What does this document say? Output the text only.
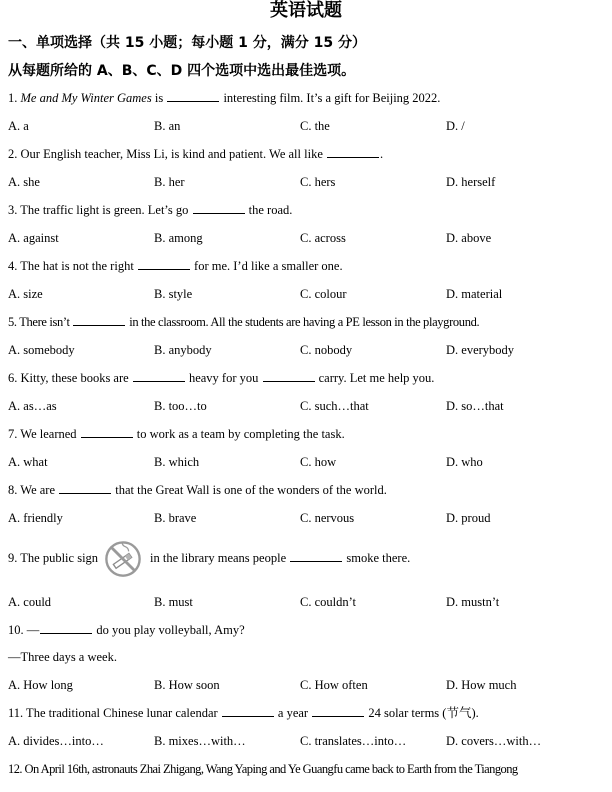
英语试题
一、单项选择（共 15 小题；每小题 1 分，满分 15 分）
从每题所给的 A、B、C、D 四个选项中选出最佳选项。
1. Me and My Winter Games is	interesting film. It’s a gift for Beijing 2022.
A. a	B. an	C. the	D. /
2. Our English teacher, Miss Li, is kind and patient. We all like	.
A. she	B. her	C. hers	D. herself
3. The traffic light is green. Let’s go	the road.
A. against	B. among	C. across	D. above
4. The hat is not the right	for me. I’d like a smaller one.
A. size	B. style	C. colour	D. material
5. There isn’t	in the classroom. All the students are having a PE lesson in the playground.
A. somebody	B. anybody	C. nobody	D. everybody
6. Kitty, these books are	heavy for you	carry. Let me help you.
A. as…as	B. too…to	C. such…that	D. so…that
7. We learned	to work as a team by completing the task.
A. what	B. which	C. how	D. who
8. We are	that the Great Wall is one of the wonders of the world.
A. friendly	B. brave	C. nervous	D. proud
9. The public sign	in the library means people	smoke there.
A. could	B. must	C. couldn’t	D. mustn’t
10. —	do you play volleyball, Amy?
—Three days a week.
A. How long	B. How soon	C. How often	D. How much
11. The traditional Chinese lunar calendar	a year	24 solar terms (节气).
A. divides…into…	B. mixes…with…	C. translates…into…	D. covers…with…
12. On April 16th, astronauts Zhai Zhigang, Wang Yaping and Ye Guangfu came back to Earth from the Tiangong
